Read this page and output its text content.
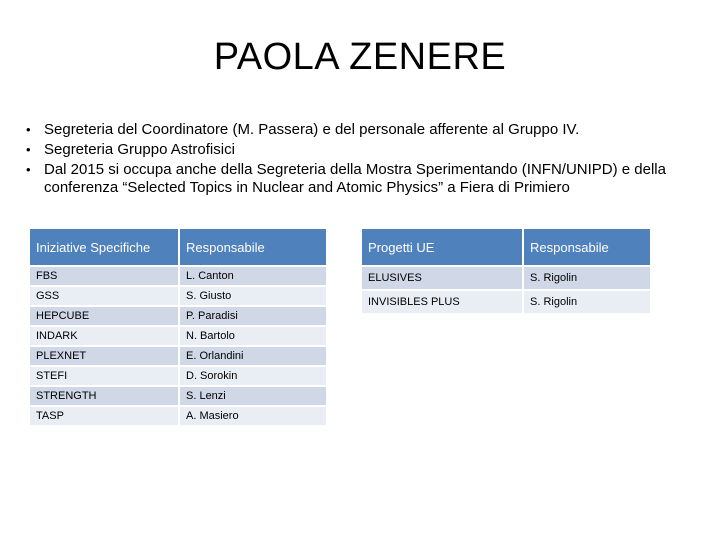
PAOLA ZENERE
• Segreteria del Coordinatore (M. Passera) e del personale afferente al Gruppo IV.
• Segreteria Gruppo Astrofisici
• Dal 2015 si occupa anche della Segreteria della Mostra Sperimentando (INFN/UNIPD) e della conferenza “Selected Topics in Nuclear and Atomic Physics” a Fiera di Primiero
Iniziative Specifiche	Responsabile
FBS	L. Canton
GSS	S. Giusto
HEPCUBE	P. Paradisi
INDARK	N. Bartolo
PLEXNET	E. Orlandini
STEFI	D. Sorokin
STRENGTH	S. Lenzi
TASP	A. Masiero
Progetti UE	Responsabile
ELUSIVES	S. Rigolin
INVISIBLES PLUS	S. Rigolin
